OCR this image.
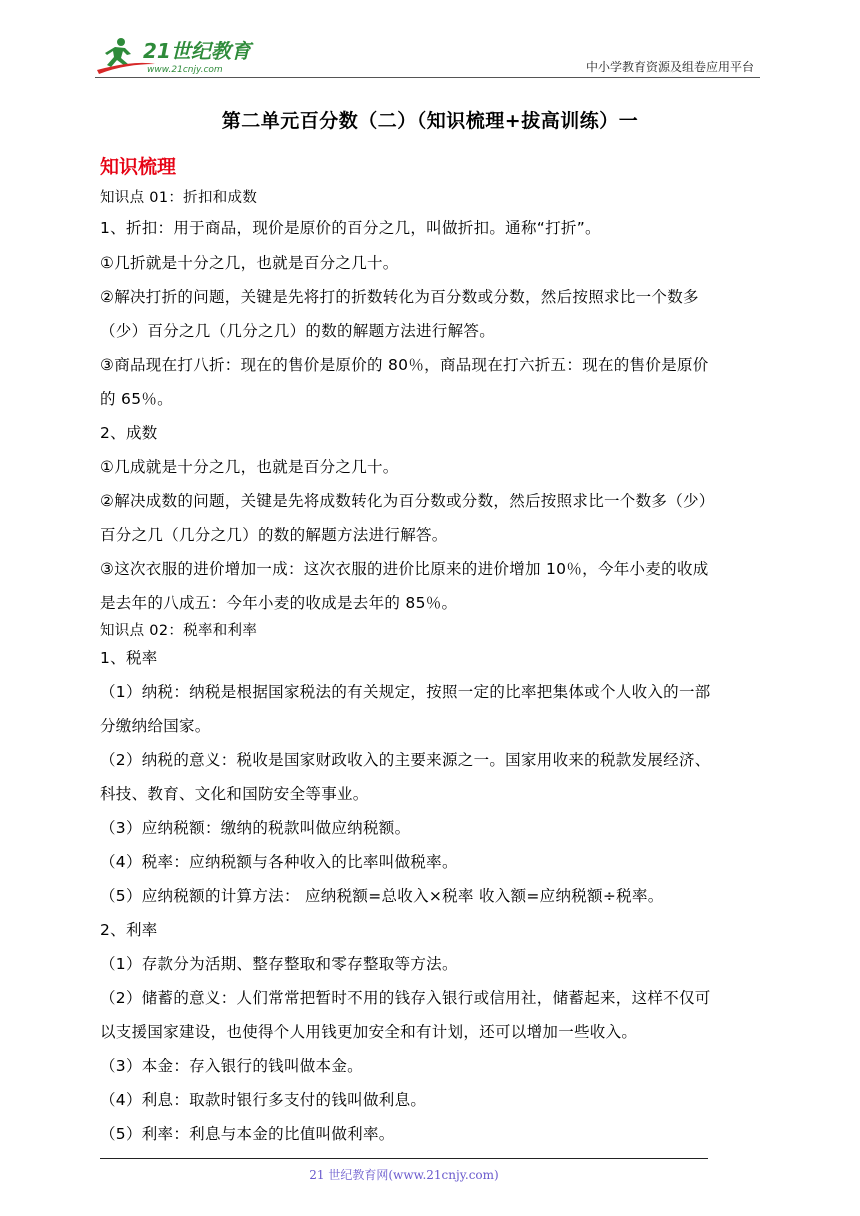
21世纪教育
www.21cnjy.com	中小学教育资源及组卷应用平台
第二单元百分数（二）（知识梳理+拔高训练）一
知识梳理
知识点 01：折扣和成数
1、折扣：用于商品，现价是原价的百分之几，叫做折扣。通称“打折”。
①几折就是十分之几，也就是百分之几十。
②解决打折的问题，关键是先将打的折数转化为百分数或分数，然后按照求比一个数多
（少）百分之几（几分之几）的数的解题方法进行解答。
③商品现在打八折：现在的售价是原价的 80％，商品现在打六折五：现在的售价是原价
的 65％。
2、成数
①几成就是十分之几，也就是百分之几十。
②解决成数的问题，关键是先将成数转化为百分数或分数，然后按照求比一个数多（少）
百分之几（几分之几）的数的解题方法进行解答。
③这次衣服的进价增加一成：这次衣服的进价比原来的进价增加 10％，今年小麦的收成
是去年的八成五：今年小麦的收成是去年的 85％。
知识点 02：税率和利率
1、税率
（1）纳税：纳税是根据国家税法的有关规定，按照一定的比率把集体或个人收入的一部
分缴纳给国家。
（2）纳税的意义：税收是国家财政收入的主要来源之一。国家用收来的税款发展经济、
科技、教育、文化和国防安全等事业。
（3）应纳税额：缴纳的税款叫做应纳税额。
（4）税率：应纳税额与各种收入的比率叫做税率。
（5）应纳税额的计算方法： 应纳税额=总收入×税率 收入额=应纳税额÷税率。
2、利率
（1）存款分为活期、整存整取和零存整取等方法。
（2）储蓄的意义：人们常常把暂时不用的钱存入银行或信用社，储蓄起来，这样不仅可
以支援国家建设，也使得个人用钱更加安全和有计划，还可以增加一些收入。
（3）本金：存入银行的钱叫做本金。
（4）利息：取款时银行多支付的钱叫做利息。
（5）利率：利息与本金的比值叫做利率。
21 世纪教育网(www.21cnjy.com)
